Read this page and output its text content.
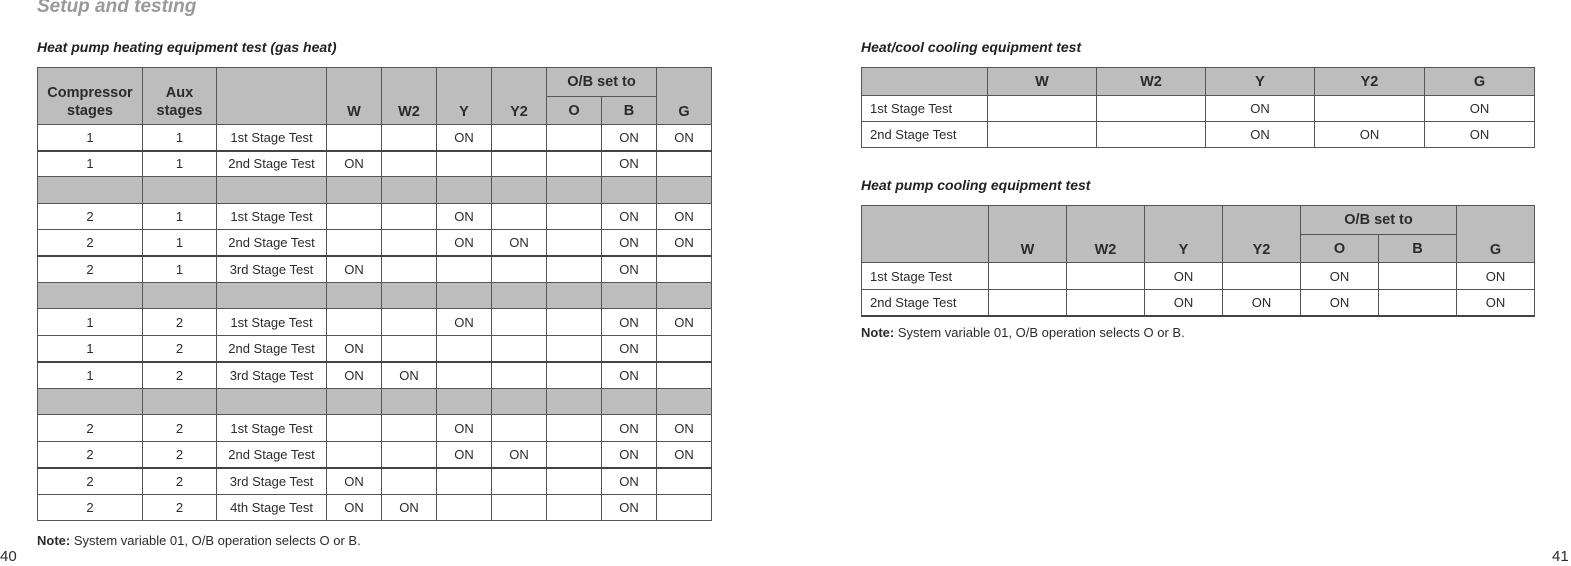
Setup and testing
Heat pump heating equipment test (gas heat)
Compressor stages	Aux stages		W	W2	Y	Y2	O/B set to		G
							O	B	
1	1	1st Stage Test			ON			ON	ON
1	1	2nd Stage Test	ON					ON	

2	1	1st Stage Test			ON			ON	ON
2	1	2nd Stage Test			ON	ON		ON	ON
2	1	3rd Stage Test	ON					ON	

1	2	1st Stage Test			ON			ON	ON
1	2	2nd Stage Test	ON					ON	
1	2	3rd Stage Test	ON	ON				ON	

2	2	1st Stage Test			ON			ON	ON
2	2	2nd Stage Test			ON	ON		ON	ON
2	2	3rd Stage Test	ON					ON	
2	2	4th Stage Test	ON	ON				ON	

Note: System variable 01, O/B operation selects O or B.

Heat/cool cooling equipment test
	W	W2	Y	Y2	G
1st Stage Test			ON		ON
2nd Stage Test			ON	ON	ON
Heat pump cooling equipment test
	W	W2	Y	Y2	O/B set to		G
					O	B	
1st Stage Test			ON		ON		ON
2nd Stage Test			ON	ON	ON		ON

Note: System variable 01, O/B operation selects O or B.

40	41
